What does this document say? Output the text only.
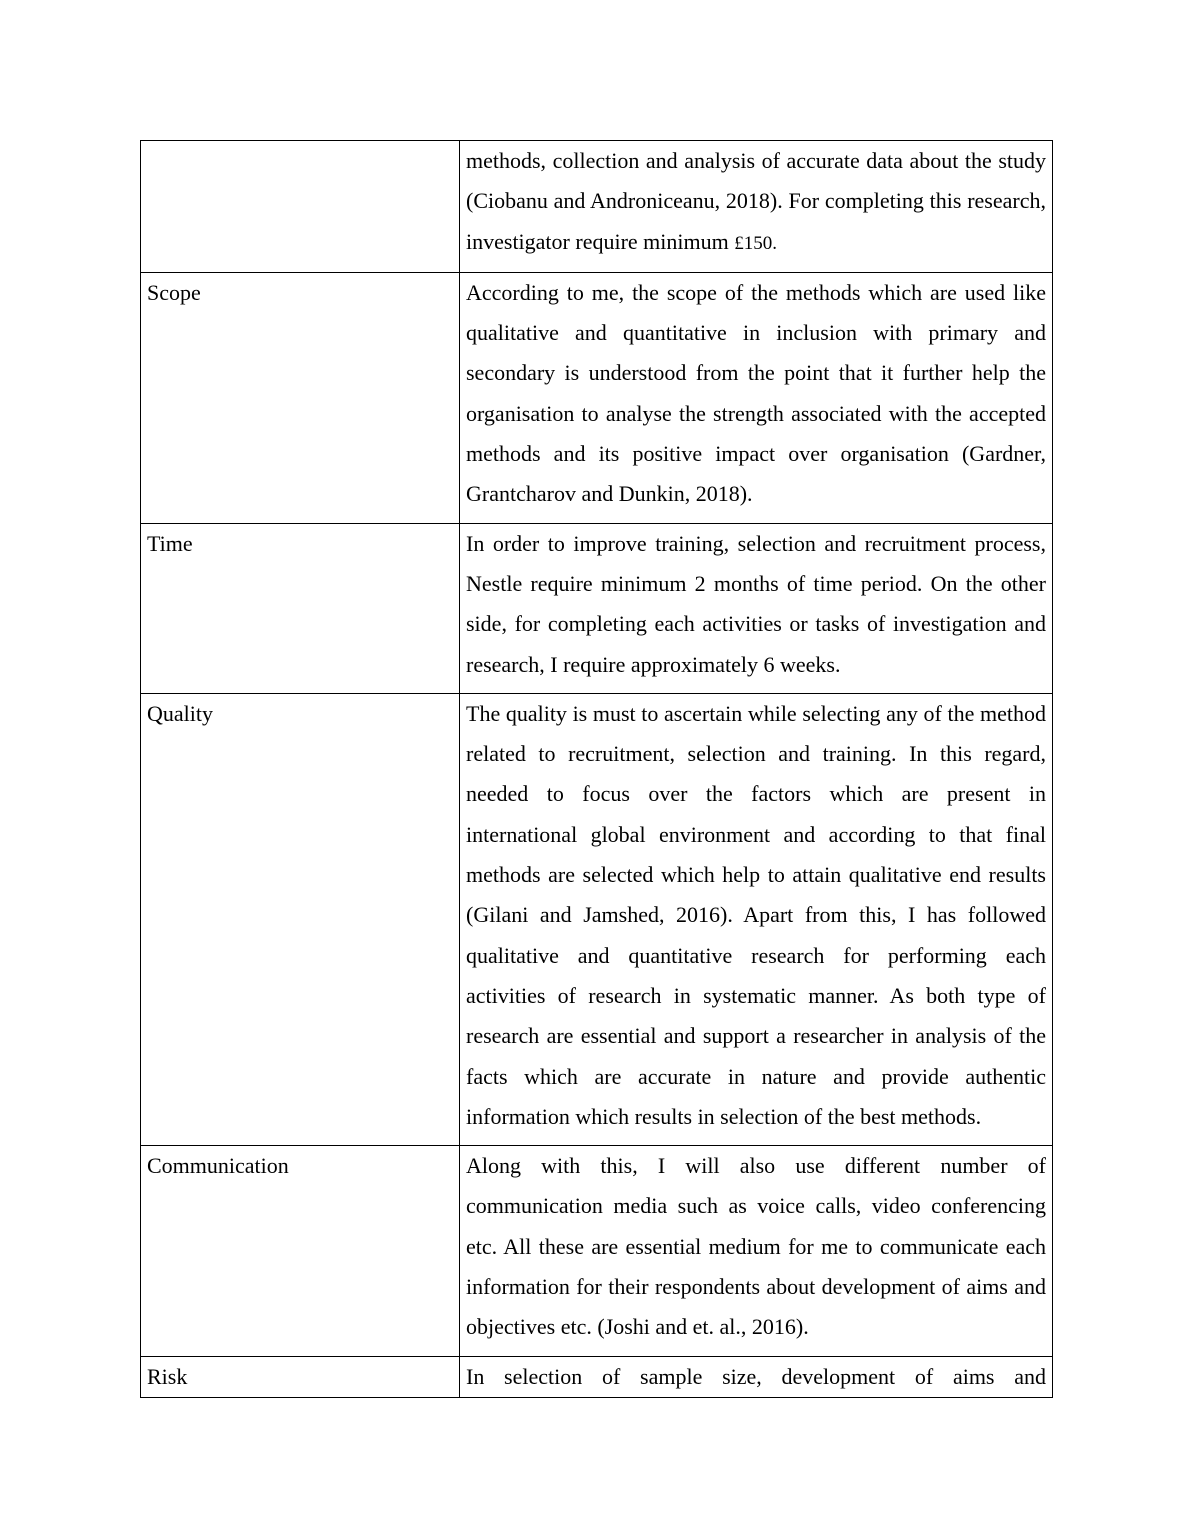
	methods, collection and analysis of accurate data about the study (Ciobanu and Androniceanu, 2018). For completing this research, investigator require minimum £150.
Scope	According to me, the scope of the methods which are used like qualitative and quantitative in inclusion with primary and secondary is understood from the point that it further help the organisation to analyse the strength associated with the accepted methods and its positive impact over organisation (Gardner, Grantcharov and Dunkin, 2018).
Time	In order to improve training, selection and recruitment process, Nestle require minimum 2 months of time period. On the other side, for completing each activities or tasks of investigation and research, I require approximately 6 weeks.
Quality	The quality is must to ascertain while selecting any of the method related to recruitment, selection and training. In this regard, needed to focus over the factors which are present in international global environment and according to that final methods are selected which help to attain qualitative end results (Gilani and Jamshed, 2016). Apart from this, I has followed qualitative and quantitative research for performing each activities of research in systematic manner. As both type of research are essential and support a researcher in analysis of the facts which are accurate in nature and provide authentic information which results in selection of the best methods.
Communication	Along with this, I will also use different number of communication media such as voice calls, video conferencing etc. All these are essential medium for me to communicate each information for their respondents about development of aims and objectives etc. (Joshi and et. al., 2016).
Risk	In selection of sample size, development of aims and
